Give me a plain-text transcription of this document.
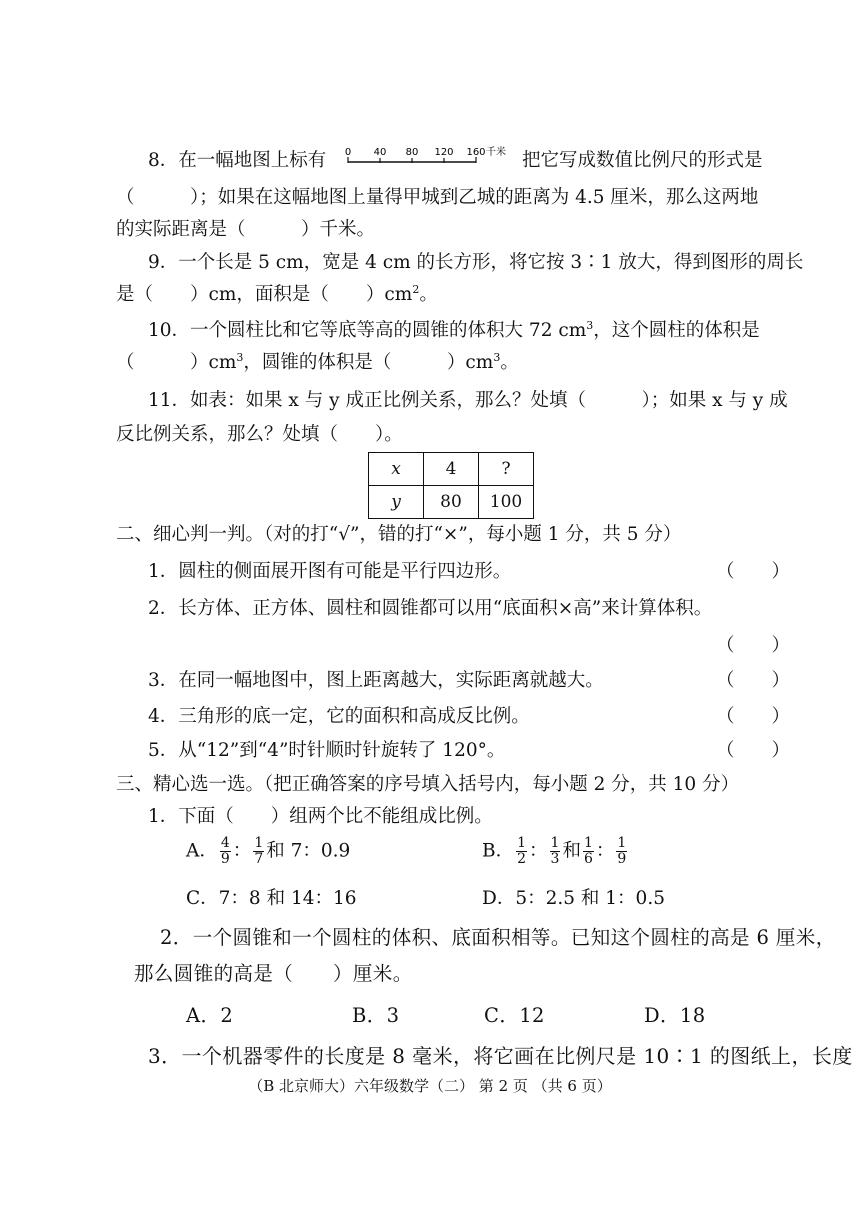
8．在一幅地图上标有 0 40 80 120 160 千米 把它写成数值比例尺的形式是
（　　　）；如果在这幅地图上量得甲城到乙城的距离为 4.5 厘米，那么这两地
的实际距离是（　　　）千米。
9．一个长是 5 cm，宽是 4 cm 的长方形，将它按 3∶1 放大，得到图形的周长
是（　　）cm，面积是（　　）$cm^2$。
10．一个圆柱比和它等底等高的圆锥的体积大 72 $cm^3$，这个圆柱的体积是
（　　　）$cm^3$，圆锥的体积是（　　　）$cm^3$。
11．如表：如果 x 与 y 成正比例关系，那么？处填（　　　）；如果 x 与 y 成
反比例关系，那么？处填（　　）。
x	4	?
y	80	100
二、细心判一判。（对的打“√”，错的打“×”，每小题 1 分，共 5 分）
1．圆柱的侧面展开图有可能是平行四边形。	（　　）
2．长方体、正方体、圆柱和圆锥都可以用“底面积×高”来计算体积。
（　　）
3．在同一幅地图中，图上距离越大，实际距离就越大。	（　　）
4．三角形的底一定，它的面积和高成反比例。	（　　）
5．从“12”到“4”时针顺时针旋转了 120°。	（　　）
三、精心选一选。（把正确答案的序号填入括号内，每小题 2 分，共 10 分）
1．下面（　　）组两个比不能组成比例。
A． $\frac{4}{9}$ ： $\frac{1}{7}$ 和 7：0.9	B． $\frac{1}{2}$ ： $\frac{1}{3}$ 和 $\frac{1}{6}$ ： $\frac{1}{9}$
C．7：8 和 14：16	D．5：2.5 和 1：0.5
2．一个圆锥和一个圆柱的体积、底面积相等。已知这个圆柱的高是 6 厘米，
那么圆锥的高是（　　）厘米。
A．2	B．3	C．12	D．18
3．一个机器零件的长度是 8 毫米，将它画在比例尺是 10∶1 的图纸上，长度
（B 北京师大）六年级数学（二） 第 2 页 （共 6 页）
